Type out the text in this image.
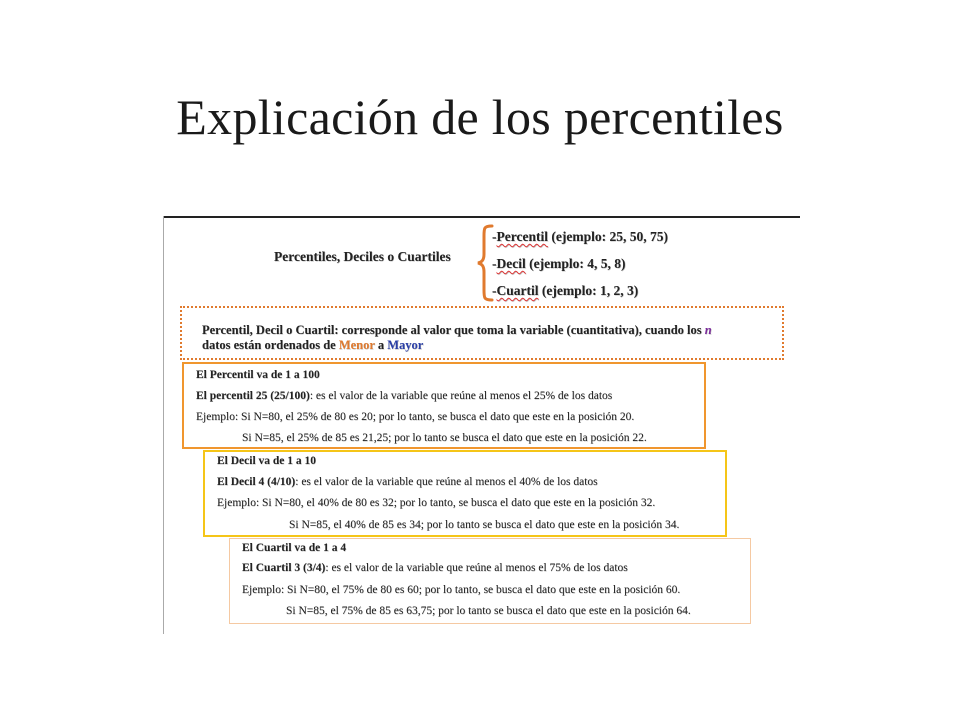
Explicación de los percentiles
Percentiles, Deciles o Cuartiles
-Percentil (ejemplo: 25, 50, 75)
-Decil (ejemplo: 4, 5, 8)
-Cuartil (ejemplo: 1, 2, 3)
Percentil, Decil o Cuartil: corresponde al valor que toma la variable (cuantitativa), cuando los n
datos están ordenados de Menor a Mayor
El Percentil va de 1 a 100
El percentil 25 (25/100): es el valor de la variable que reúne al menos el 25% de los datos
Ejemplo: Si N=80, el 25% de 80 es 20; por lo tanto, se busca el dato que este en la posición 20.
Si N=85, el 25% de 85 es 21,25; por lo tanto se busca el dato que este en la posición 22.
El Decil va de 1 a 10
El Decil 4 (4/10): es el valor de la variable que reúne al menos el 40% de los datos
Ejemplo: Si N=80, el 40% de 80 es 32; por lo tanto, se busca el dato que este en la posición 32.
Si N=85, el 40% de 85 es 34; por lo tanto se busca el dato que este en la posición 34.
El Cuartil va de 1 a 4
El Cuartil 3 (3/4): es el valor de la variable que reúne al menos el 75% de los datos
Ejemplo: Si N=80, el 75% de 80 es 60; por lo tanto, se busca el dato que este en la posición 60.
Si N=85, el 75% de 85 es 63,75; por lo tanto se busca el dato que este en la posición 64.
